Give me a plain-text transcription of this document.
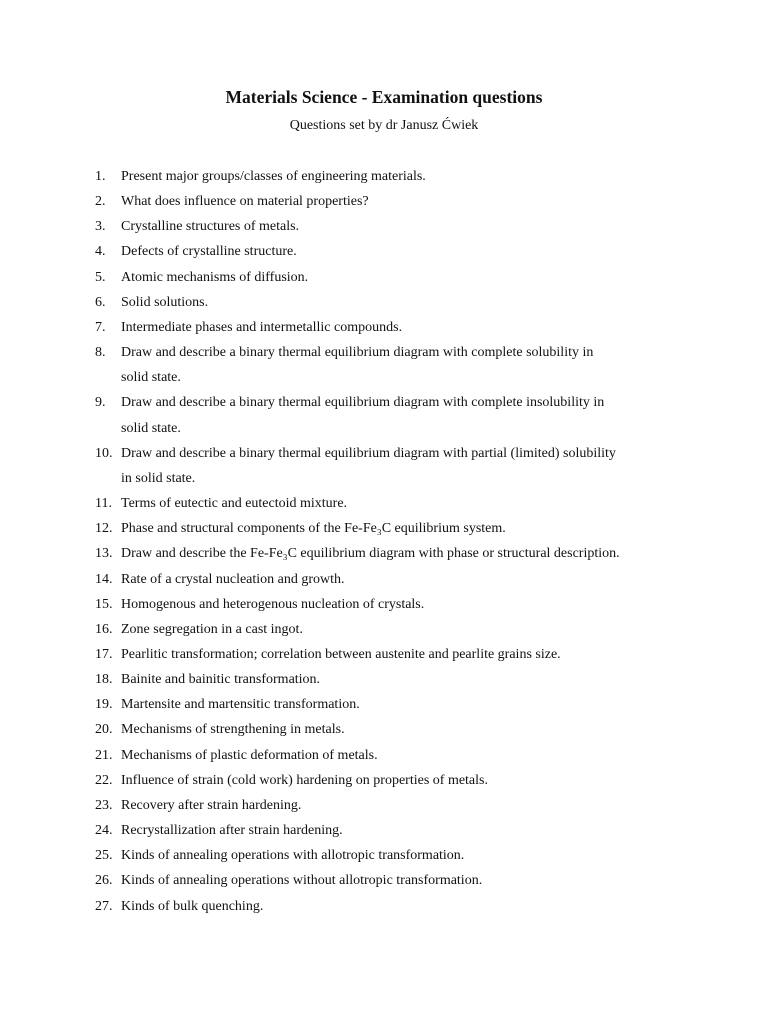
Materials Science - Examination questions

Questions set by dr Janusz Ćwiek

1. Present major groups/classes of engineering materials.
2. What does influence on material properties?
3. Crystalline structures of metals.
4. Defects of crystalline structure.
5. Atomic mechanisms of diffusion.
6. Solid solutions.
7. Intermediate phases and intermetallic compounds.
8. Draw and describe a binary thermal equilibrium diagram with complete solubility in
solid state.
9. Draw and describe a binary thermal equilibrium diagram with complete insolubility in
solid state.
10. Draw and describe a binary thermal equilibrium diagram with partial (limited) solubility
in solid state.
11. Terms of eutectic and eutectoid mixture.
12. Phase and structural components of the Fe-Fe₃C equilibrium system.
13. Draw and describe the Fe-Fe₃C equilibrium diagram with phase or structural description.
14. Rate of a crystal nucleation and growth.
15. Homogenous and heterogenous nucleation of crystals.
16. Zone segregation in a cast ingot.
17. Pearlitic transformation; correlation between austenite and pearlite grains size.
18. Bainite and bainitic transformation.
19. Martensite and martensitic transformation.
20. Mechanisms of strengthening in metals.
21. Mechanisms of plastic deformation of metals.
22. Influence of strain (cold work) hardening on properties of metals.
23. Recovery after strain hardening.
24. Recrystallization after strain hardening.
25. Kinds of annealing operations with allotropic transformation.
26. Kinds of annealing operations without allotropic transformation.
27. Kinds of bulk quenching.
